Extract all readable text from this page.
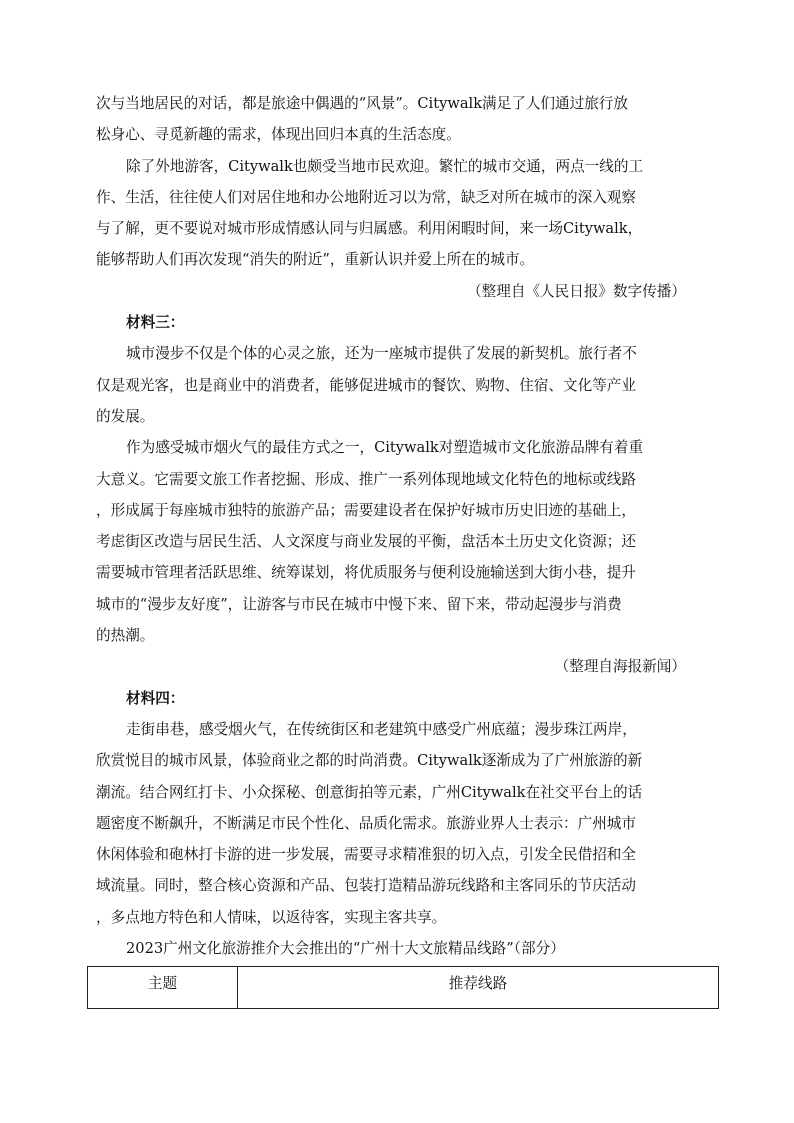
次与当地居民的对话，都是旅途中偶遇的“风景”。Citywalk满足了人们通过旅行放
松身心、寻觅新趣的需求，体现出回归本真的生活态度。
除了外地游客，Citywalk也颇受当地市民欢迎。繁忙的城市交通，两点一线的工
作、生活，往往使人们对居住地和办公地附近习以为常，缺乏对所在城市的深入观察
与了解，更不要说对城市形成情感认同与归属感。利用闲暇时间，来一场Citywalk，
能够帮助人们再次发现“消失的附近”，重新认识并爱上所在的城市。
（整理自《人民日报》数字传播）
材料三：
城市漫步不仅是个体的心灵之旅，还为一座城市提供了发展的新契机。旅行者不
仅是观光客，也是商业中的消费者，能够促进城市的餐饮、购物、住宿、文化等产业
的发展。
作为感受城市烟火气的最佳方式之一，Citywalk对塑造城市文化旅游品牌有着重
大意义。它需要文旅工作者挖掘、形成、推广一系列体现地域文化特色的地标或线路
，形成属于每座城市独特的旅游产品；需要建设者在保护好城市历史旧迹的基础上，
考虑街区改造与居民生活、人文深度与商业发展的平衡，盘活本土历史文化资源；还
需要城市管理者活跃思维、统筹谋划，将优质服务与便利设施输送到大街小巷，提升
城市的“漫步友好度”，让游客与市民在城市中慢下来、留下来，带动起漫步与消费
的热潮。
（整理自海报新闻）
材料四：
走街串巷，感受烟火气，在传统街区和老建筑中感受广州底蕴；漫步珠江两岸，
欣赏悦目的城市风景，体验商业之都的时尚消费。Citywalk逐渐成为了广州旅游的新
潮流。结合网红打卡、小众探秘、创意街拍等元素，广州Citywalk在社交平台上的话
题密度不断飙升，不断满足市民个性化、品质化需求。旅游业界人士表示：广州城市
休闲体验和砲林打卡游的进一步发展，需要寻求精准狠的切入点，引发全民借招和全
域流量。同时，整合核心资源和产品、包装打造精品游玩线路和主客同乐的节庆活动
，多点地方特色和人情味，以返待客，实现主客共享。
2023广州文化旅游推介大会推出的“广州十大文旅精品线路”（部分）
主题	推荐线路
